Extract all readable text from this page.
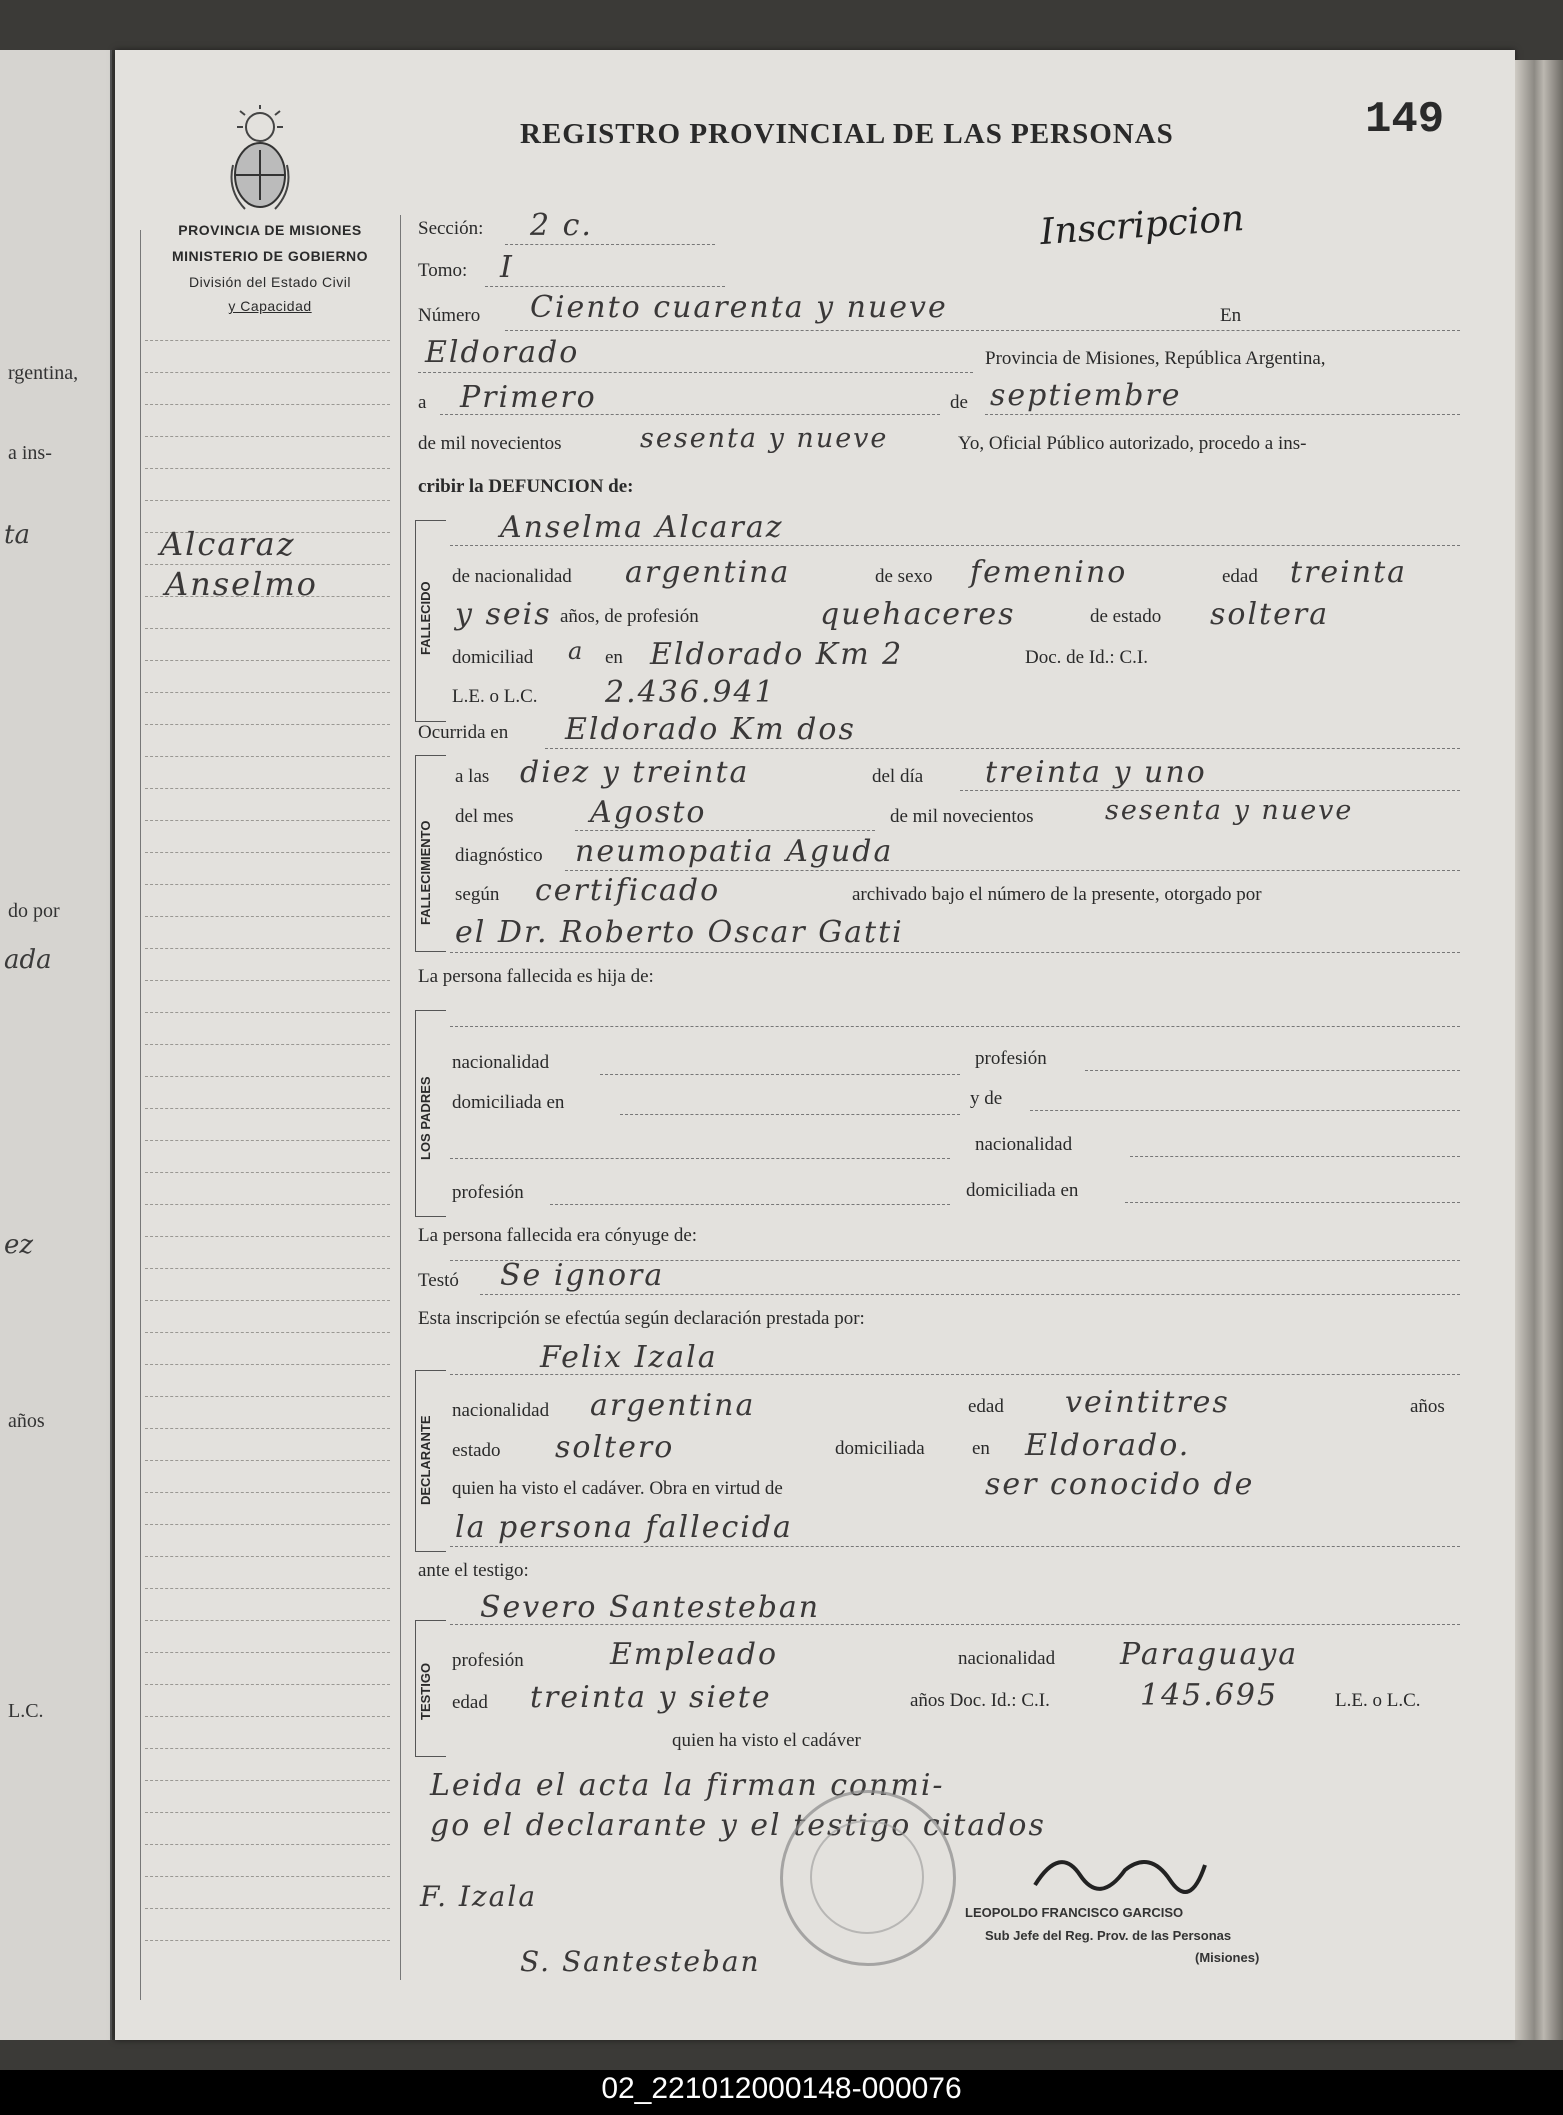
rgentina,
a ins-
do por
años
L.C.
ta
ada
ez
PROVINCIA DE MISIONES
MINISTERIO DE GOBIERNO
División del Estado Civil
y Capacidad
REGISTRO PROVINCIAL DE LAS PERSONAS	149
Inscripcion
Alcaraz
Anselmo
Sección: 2 c.
Tomo: I
Número Ciento cuarenta y nueve	En
Eldorado	Provincia de Misiones, República Argentina,
a Primero	de septiembre
de mil novecientos	sesenta y nueve	Yo, Oficial Público autorizado, procedo a ins-
cribir la DEFUNCION de:
FALLECIDO
Anselma Alcaraz
de nacionalidad argentina	de sexo femenino	edad treinta
y seis años, de profesión	quehaceres	de estado soltera
domiciliad a en Eldorado Km 2	Doc. de Id.: C.I.
L.E. o L.C. 2.436.941
Ocurrida en Eldorado Km dos
FALLECIMIENTO
a las diez y treinta	del día treinta y uno
del mes	Agosto	de mil novecientos	sesenta y nueve
diagnóstico neumopatia Aguda
según certificado	archivado bajo el número de la presente, otorgado por
el Dr. Roberto Oscar Gatti
La persona fallecida es hija de:
LOS PADRES
nacionalidad	profesión
domiciliada en	y de
nacionalidad
profesión	domiciliada en
La persona fallecida era cónyuge de:
Testó Se ignora
Esta inscripción se efectúa según declaración prestada por:
Felix Izala
DECLARANTE
nacionalidad argentina	edad veintitres	años
estado soltero	domiciliada en Eldorado.
quien ha visto el cadáver. Obra en virtud de	ser conocido de
la persona fallecida
ante el testigo:
Severo Santesteban
TESTIGO
profesión	Empleado	nacionalidad Paraguaya
edad treinta y siete	años Doc. Id.: C.I.	145.695	L.E. o L.C.
quien ha visto el cadáver
Leida el acta la firman conmi-
go el declarante y el testigo citados
F. Izala
S. Santesteban
LEOPOLDO FRANCISCO GARCISO
Sub Jefe del Reg. Prov. de las Personas
(Misiones)
02_221012000148-000076
